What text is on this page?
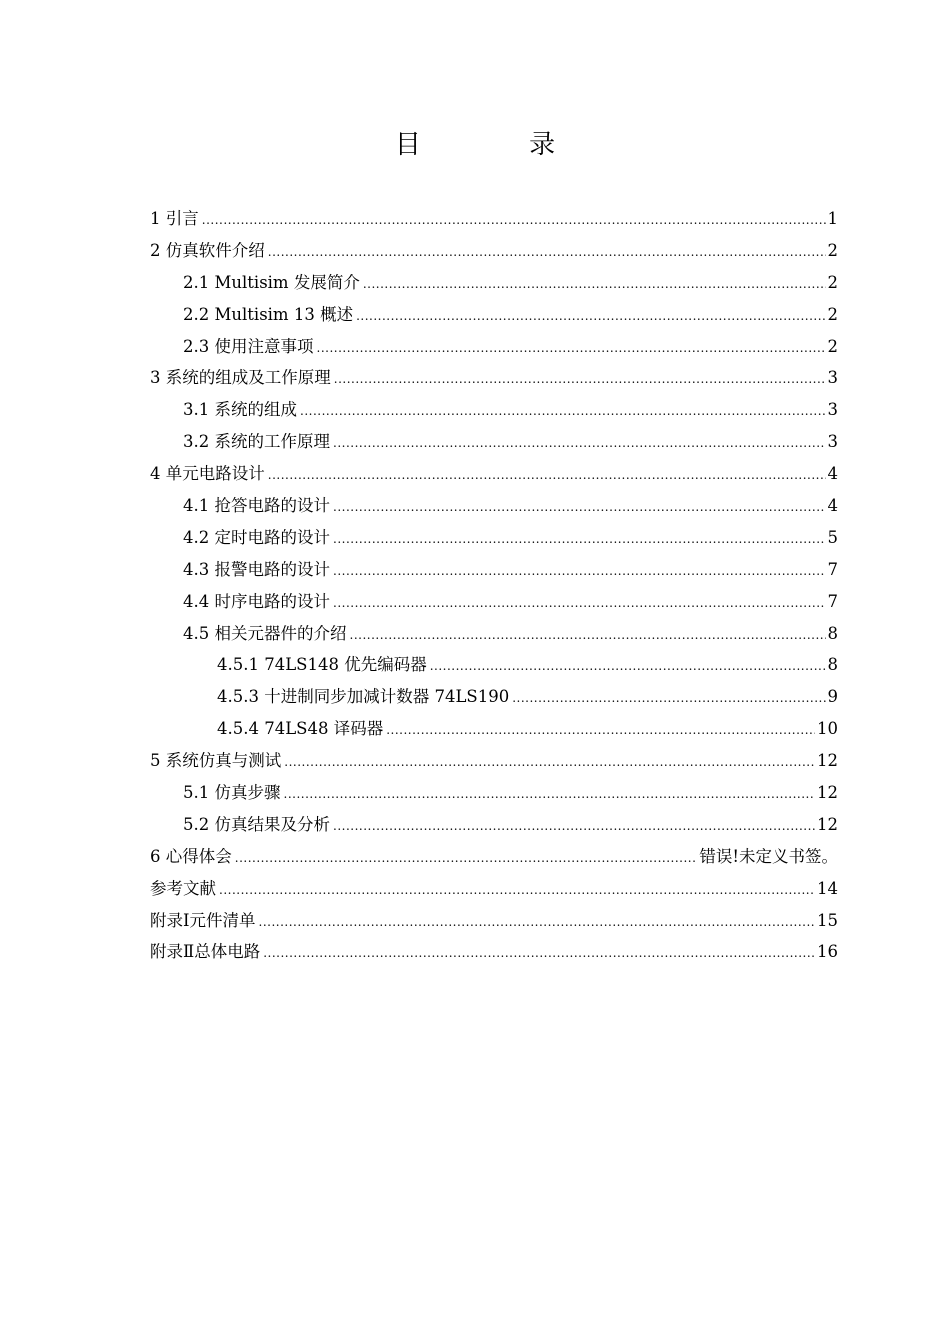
目 录
1 引言 .....	1
2 仿真软件介绍 .....	2
2.1 Multisim 发展简介 .....	2
2.2 Multisim 13 概述 .....	2
2.3 使用注意事项 .....	2
3 系统的组成及工作原理 .....	3
3.1 系统的组成 .....	3
3.2 系统的工作原理 .....	3
4 单元电路设计 .....	4
4.1 抢答电路的设计 .....	4
4.2 定时电路的设计 .....	5
4.3 报警电路的设计 .....	7
4.4 时序电路的设计 .....	7
4.5 相关元器件的介绍 .....	8
4.5.1 74LS148 优先编码器 .....	8
4.5.3 十进制同步加减计数器 74LS190 .....	9
4.5.4 74LS48 译码器 .....	10
5 系统仿真与测试 .....	12
5.1 仿真步骤 .....	12
5.2 仿真结果及分析 .....	12
6 心得体会 .....	错误!未定义书签。
参考文献 .....	14
附录Ⅰ元件清单 .....	15
附录Ⅱ总体电路 .....	16
